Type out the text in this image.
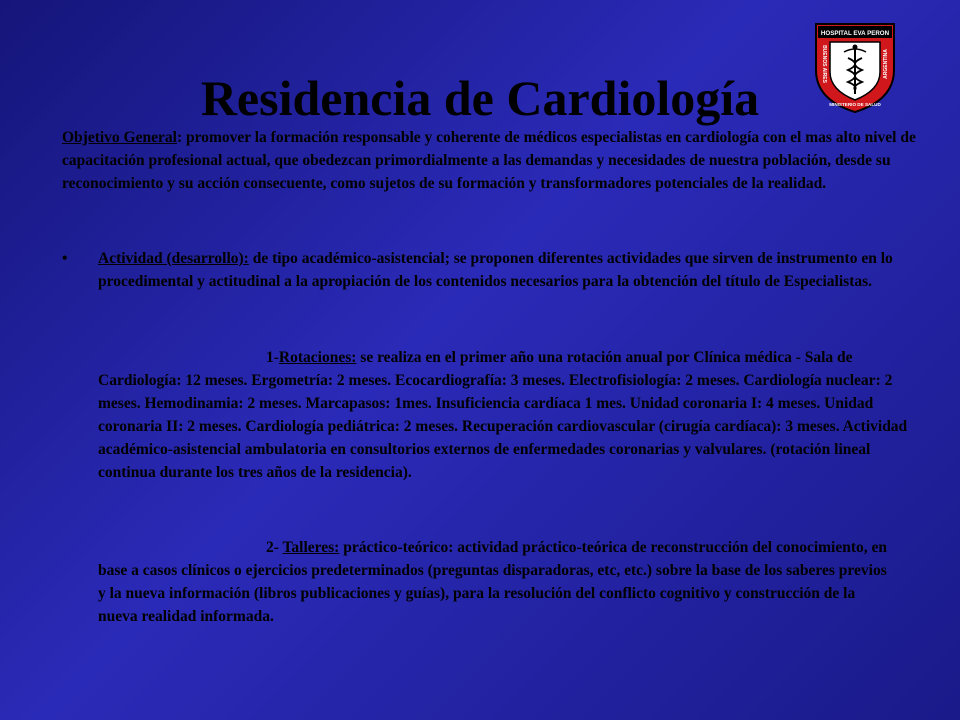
Residencia de Cardiología
HOSPITAL EVA PERON
BUENOS AIRES	ARGENTINA
MINISTERIO DE SALUD

Objetivo General: promover la formación responsable y coherente de médicos especialistas en cardiología con el mas alto nivel de capacitación profesional actual, que obedezcan primordialmente a las demandas y necesidades de nuestra población, desde su reconocimiento y su acción consecuente, como sujetos de su formación y transformadores potenciales de la realidad.

• Actividad (desarrollo): de tipo académico-asistencial; se proponen diferentes actividades que sirven de instrumento en lo procedimental y actitudinal a la apropiación de los contenidos necesarios para la obtención del título de Especialistas.

1-Rotaciones: se realiza en el primer año una rotación anual por Clínica médica - Sala de Cardiología: 12 meses. Ergometría: 2 meses. Ecocardiografía: 3 meses. Electrofisiología: 2 meses. Cardiología nuclear: 2 meses. Hemodinamia: 2 meses. Marcapasos: 1mes. Insuficiencia cardíaca 1 mes. Unidad coronaria I: 4 meses. Unidad coronaria II: 2 meses. Cardiología pediátrica: 2 meses. Recuperación cardiovascular (cirugía cardíaca): 3 meses. Actividad académico-asistencial ambulatoria en consultorios externos de enfermedades coronarias y valvulares. (rotación lineal continua durante los tres años de la residencia).

2- Talleres: práctico-teórico: actividad práctico-teórica de reconstrucción del conocimiento, en base a casos clínicos o ejercicios predeterminados (preguntas disparadoras, etc, etc.) sobre la base de los saberes previos y la nueva información (libros publicaciones y guías), para la resolución del conflicto cognitivo y construcción de la nueva realidad informada.
